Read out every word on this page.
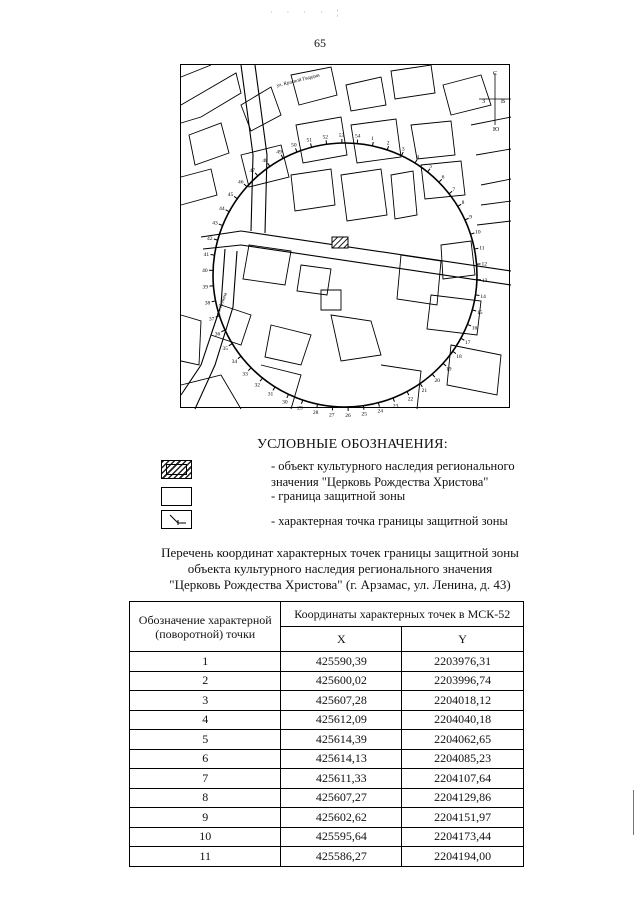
· · · · ¦
65
1
2
3
4
5
6
7
8
9
10
11
12
13
14
15
16
17
18
19
20
21
22
23
24
25
26
27
28
29
30
31
32
33
34
35
36
37
38
39
40
41
42
43
44
45
46
47
48
49
50
51
52 53 54
ул. Красной Гвардии
ул. Ленина
С
Ю
В
З
УСЛОВНЫЕ ОБОЗНАЧЕНИЯ:
- объект культурного наследия регионального значения "Церковь Рождества Христова"
- граница защитной зоны
- характерная точка границы защитной зоны
Перечень координат характерных точек границы защитной зоны
объекта культурного наследия регионального значения
"Церковь Рождества Христова" (г. Арзамас, ул. Ленина, д. 43)
Обозначение характерной (поворотной) точки	Координаты характерных точек в МСК-52	
	X	Y
1	425590,39	2203976,31
2	425600,02	2203996,74
3	425607,28	2204018,12
4	425612,09	2204040,18
5	425614,39	2204062,65
6	425614,13	2204085,23
7	425611,33	2204107,64
8	425607,27	2204129,86
9	425602,62	2204151,97
10	425595,64	2204173,44
11	425586,27	2204194,00
